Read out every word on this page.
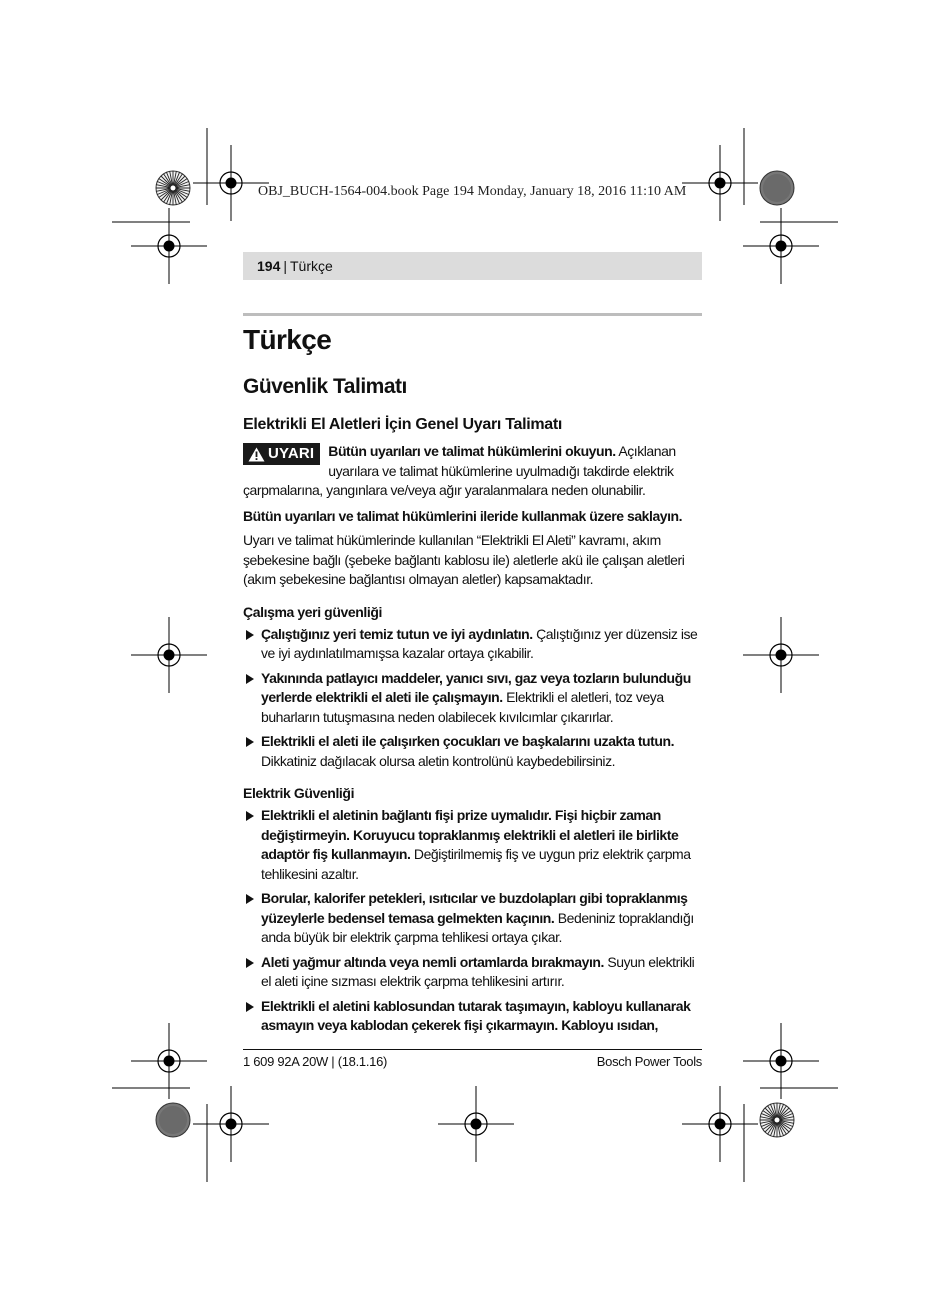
OBJ_BUCH-1564-004.book Page 194 Monday, January 18, 2016 11:10 AM
194 | Türkçe
Türkçe
Güvenlik Talimatı
Elektrikli El Aletleri İçin Genel Uyarı Talimatı

UYARI Bütün uyarıları ve talimat hükümlerini okuyun. Açıklanan uyarılara ve talimat hükümlerine uyulmadığı takdirde elektrik çarpmalarına, yangınlara ve/veya ağır yaralanmalara neden olunabilir.

Bütün uyarıları ve talimat hükümlerini ileride kullanmak üzere saklayın.

Uyarı ve talimat hükümlerinde kullanılan “Elektrikli El Aleti” kavramı, akım şebekesine bağlı (şebeke bağlantı kablosu ile) aletlerle akü ile çalışan aletleri (akım şebekesine bağlantısı olmayan aletler) kapsamaktadır.

Çalışma yeri güvenliği
Çalıştığınız yeri temiz tutun ve iyi aydınlatın. Çalıştığınız yer düzensiz ise ve iyi aydınlatılmamışsa kazalar ortaya çıkabilir.
Yakınında patlayıcı maddeler, yanıcı sıvı, gaz veya tozların bulunduğu yerlerde elektrikli el aleti ile çalışmayın. Elektrikli el aletleri, toz veya buharların tutuşmasına neden olabilecek kıvılcımlar çıkarırlar.
Elektrikli el aleti ile çalışırken çocukları ve başkalarını uzakta tutun. Dikkatiniz dağılacak olursa aletin kontrolünü kaybedebilirsiniz.
Elektrik Güvenliği
Elektrikli el aletinin bağlantı fişi prize uymalıdır. Fişi hiçbir zaman değiştirmeyin. Koruyucu topraklanmış elektrikli el aletleri ile birlikte adaptör fiş kullanmayın. Değiştirilmemiş fiş ve uygun priz elektrik çarpma tehlikesini azaltır.
Borular, kalorifer petekleri, ısıtıcılar ve buzdolapları gibi topraklanmış yüzeylerle bedensel temasa gelmekten kaçının. Bedeniniz topraklandığı anda büyük bir elektrik çarpma tehlikesi ortaya çıkar.
Aleti yağmur altında veya nemli ortamlarda bırakmayın. Suyun elektrikli el aleti içine sızması elektrik çarpma tehlikesini artırır.
Elektrikli el aletini kablosundan tutarak taşımayın, kabloyu kullanarak asmayın veya kablodan çekerek fişi çıkarmayın. Kabloyu ısıdan,
1 609 92A 20W | (18.1.16)	Bosch Power Tools
